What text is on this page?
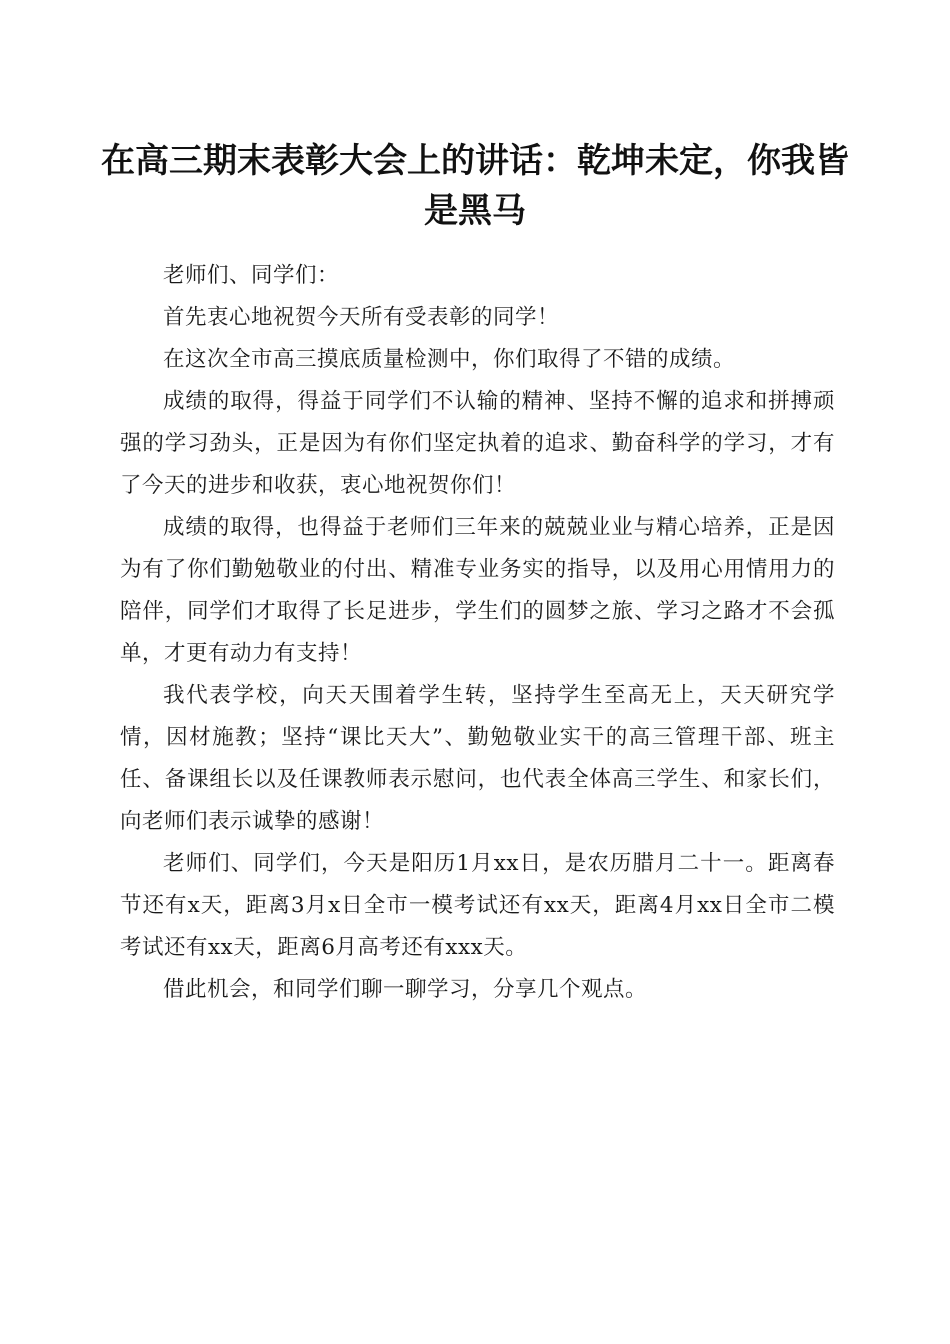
在高三期末表彰大会上的讲话：乾坤未定，你我皆是黑马

老师们、同学们：

首先衷心地祝贺今天所有受表彰的同学！

在这次全市高三摸底质量检测中，你们取得了不错的成绩。

成绩的取得，得益于同学们不认输的精神、坚持不懈的追求和拼搏顽强的学习劲头，正是因为有你们坚定执着的追求、勤奋科学的学习，才有了今天的进步和收获，衷心地祝贺你们！

成绩的取得，也得益于老师们三年来的兢兢业业与精心培养，正是因为有了你们勤勉敬业的付出、精准专业务实的指导，以及用心用情用力的陪伴，同学们才取得了长足进步，学生们的圆梦之旅、学习之路才不会孤单，才更有动力有支持！

我代表学校，向天天围着学生转，坚持学生至高无上，天天研究学情，因材施教；坚持“课比天大”、勤勉敬业实干的高三管理干部、班主任、备课组长以及任课教师表示慰问，也代表全体高三学生、和家长们，向老师们表示诚挚的感谢！

老师们、同学们，今天是阳历1月xx日，是农历腊月二十一。距离春节还有x天，距离3月x日全市一模考试还有xx天，距离4月xx日全市二模考试还有xx天，距离6月高考还有xxx天。

借此机会，和同学们聊一聊学习，分享几个观点。
